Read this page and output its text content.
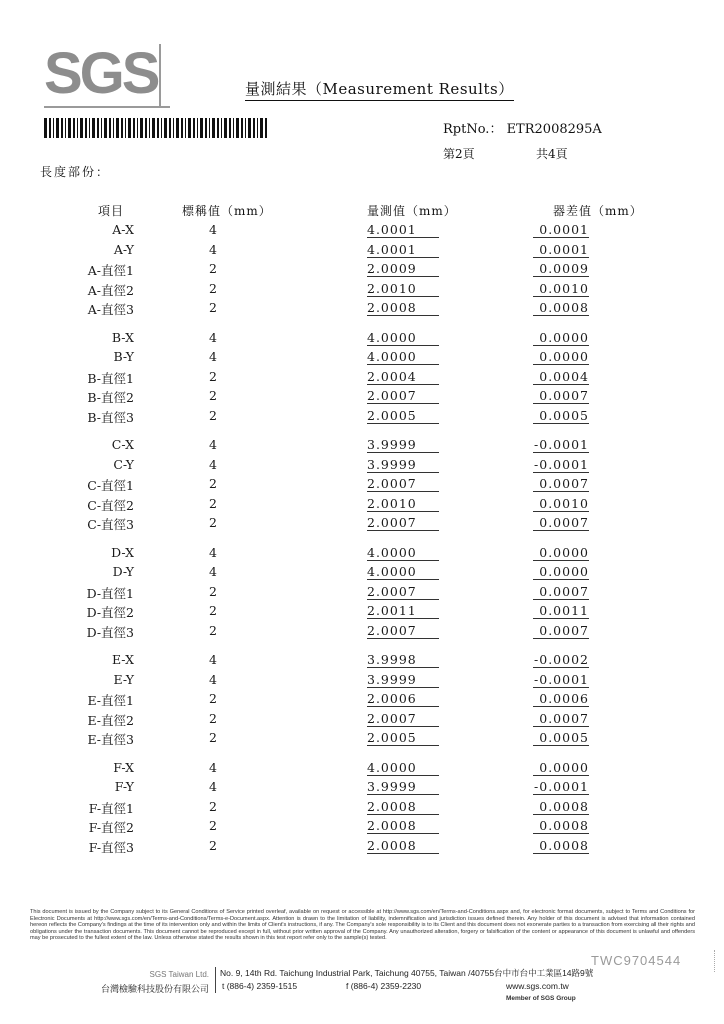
SGS	量測結果（Measurement Results）
RptNo.： ETR2008295A
第2頁	共4頁
長度部份：
項目	標稱值（mm）	量測值（mm）	器差值（mm）
A-X	4	4.0001	0.0001
A-Y	4	4.0001	0.0001
A-直徑1	2	2.0009	0.0009
A-直徑2	2	2.0010	0.0010
A-直徑3	2	2.0008	0.0008
B-X	4	4.0000	0.0000
B-Y	4	4.0000	0.0000
B-直徑1	2	2.0004	0.0004
B-直徑2	2	2.0007	0.0007
B-直徑3	2	2.0005	0.0005
C-X	4	3.9999	-0.0001
C-Y	4	3.9999	-0.0001
C-直徑1	2	2.0007	0.0007
C-直徑2	2	2.0010	0.0010
C-直徑3	2	2.0007	0.0007
D-X	4	4.0000	0.0000
D-Y	4	4.0000	0.0000
D-直徑1	2	2.0007	0.0007
D-直徑2	2	2.0011	0.0011
D-直徑3	2	2.0007	0.0007
E-X	4	3.9998	-0.0002
E-Y	4	3.9999	-0.0001
E-直徑1	2	2.0006	0.0006
E-直徑2	2	2.0007	0.0007
E-直徑3	2	2.0005	0.0005
F-X	4	4.0000	0.0000
F-Y	4	3.9999	-0.0001
F-直徑1	2	2.0008	0.0008
F-直徑2	2	2.0008	0.0008
F-直徑3	2	2.0008	0.0008
This document is issued by the Company subject to its General Conditions of Service printed overleaf, available on request or accessible at http://www.sgs.com/en/Terms-and-Conditions.aspx and, for electronic format documents, subject to Terms and Conditions for Electronic Documents at http://www.sgs.com/en/Terms-and-Conditions/Terms-e-Document.aspx. Attention is drawn to the limitation of liability, indemnification and jurisdiction issues defined therein. Any holder of this document is advised that information contained hereon reflects the Company's findings at the time of its intervention only and within the limits of Client's instructions, if any. The Company's sole responsibility is to its Client and this document does not exonerate parties to a transaction from exercising all their rights and obligations under the transaction documents. This document cannot be reproduced except in full, without prior written approval of the Company. Any unauthorized alteration, forgery or falsification of the content or appearance of this document is unlawful and offenders may be prosecuted to the fullest extent of the law. Unless otherwise stated the results shown in this test report refer only to the sample(s) tested.
SGS Taiwan Ltd.
台灣檢驗科技股份有限公司
No. 9, 14th Rd. Taichung Industrial Park, Taichung 40755, Taiwan /40755台中市台中工業區14路9號
t (886-4) 2359-1515	f (886-4) 2359-2230	www.sgs.com.tw
Member of SGS Group
TWC9704544
